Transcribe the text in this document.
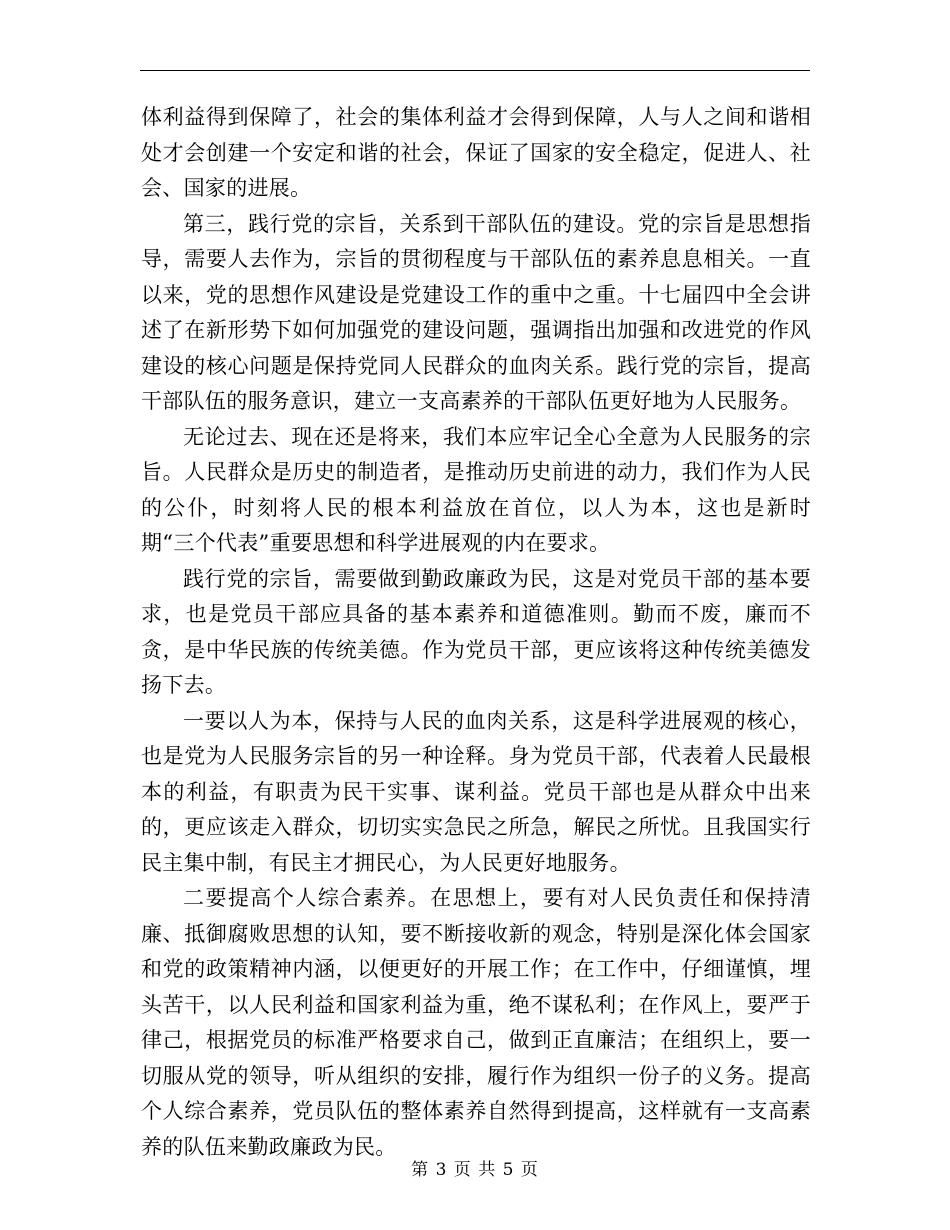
体利益得到保障了，社会的集体利益才会得到保障，人与人之间和谐相处才会创建一个安定和谐的社会，保证了国家的安全稳定，促进人、社会、国家的进展。

第三，践行党的宗旨，关系到干部队伍的建设。党的宗旨是思想指导，需要人去作为，宗旨的贯彻程度与干部队伍的素养息息相关。一直以来，党的思想作风建设是党建设工作的重中之重。十七届四中全会讲述了在新形势下如何加强党的建设问题，强调指出加强和改进党的作风建设的核心问题是保持党同人民群众的血肉关系。践行党的宗旨，提高干部队伍的服务意识，建立一支高素养的干部队伍更好地为人民服务。

无论过去、现在还是将来，我们本应牢记全心全意为人民服务的宗旨。人民群众是历史的制造者，是推动历史前进的动力，我们作为人民的公仆，时刻将人民的根本利益放在首位，以人为本，这也是新时期“三个代表”重要思想和科学进展观的内在要求。

践行党的宗旨，需要做到勤政廉政为民，这是对党员干部的基本要求，也是党员干部应具备的基本素养和道德准则。勤而不废，廉而不贪，是中华民族的传统美德。作为党员干部，更应该将这种传统美德发扬下去。

一要以人为本，保持与人民的血肉关系，这是科学进展观的核心，也是党为人民服务宗旨的另一种诠释。身为党员干部，代表着人民最根本的利益，有职责为民干实事、谋利益。党员干部也是从群众中出来的，更应该走入群众，切切实实急民之所急，解民之所忧。且我国实行民主集中制，有民主才拥民心，为人民更好地服务。

二要提高个人综合素养。在思想上，要有对人民负责任和保持清廉、抵御腐败思想的认知，要不断接收新的观念，特别是深化体会国家和党的政策精神内涵，以便更好的开展工作；在工作中，仔细谨慎，埋头苦干，以人民利益和国家利益为重，绝不谋私利；在作风上，要严于律己，根据党员的标准严格要求自己，做到正直廉洁；在组织上，要一切服从党的领导，听从组织的安排，履行作为组织一份子的义务。提高个人综合素养，党员队伍的整体素养自然得到提高，这样就有一支高素养的队伍来勤政廉政为民。

第 3 页 共 5 页
